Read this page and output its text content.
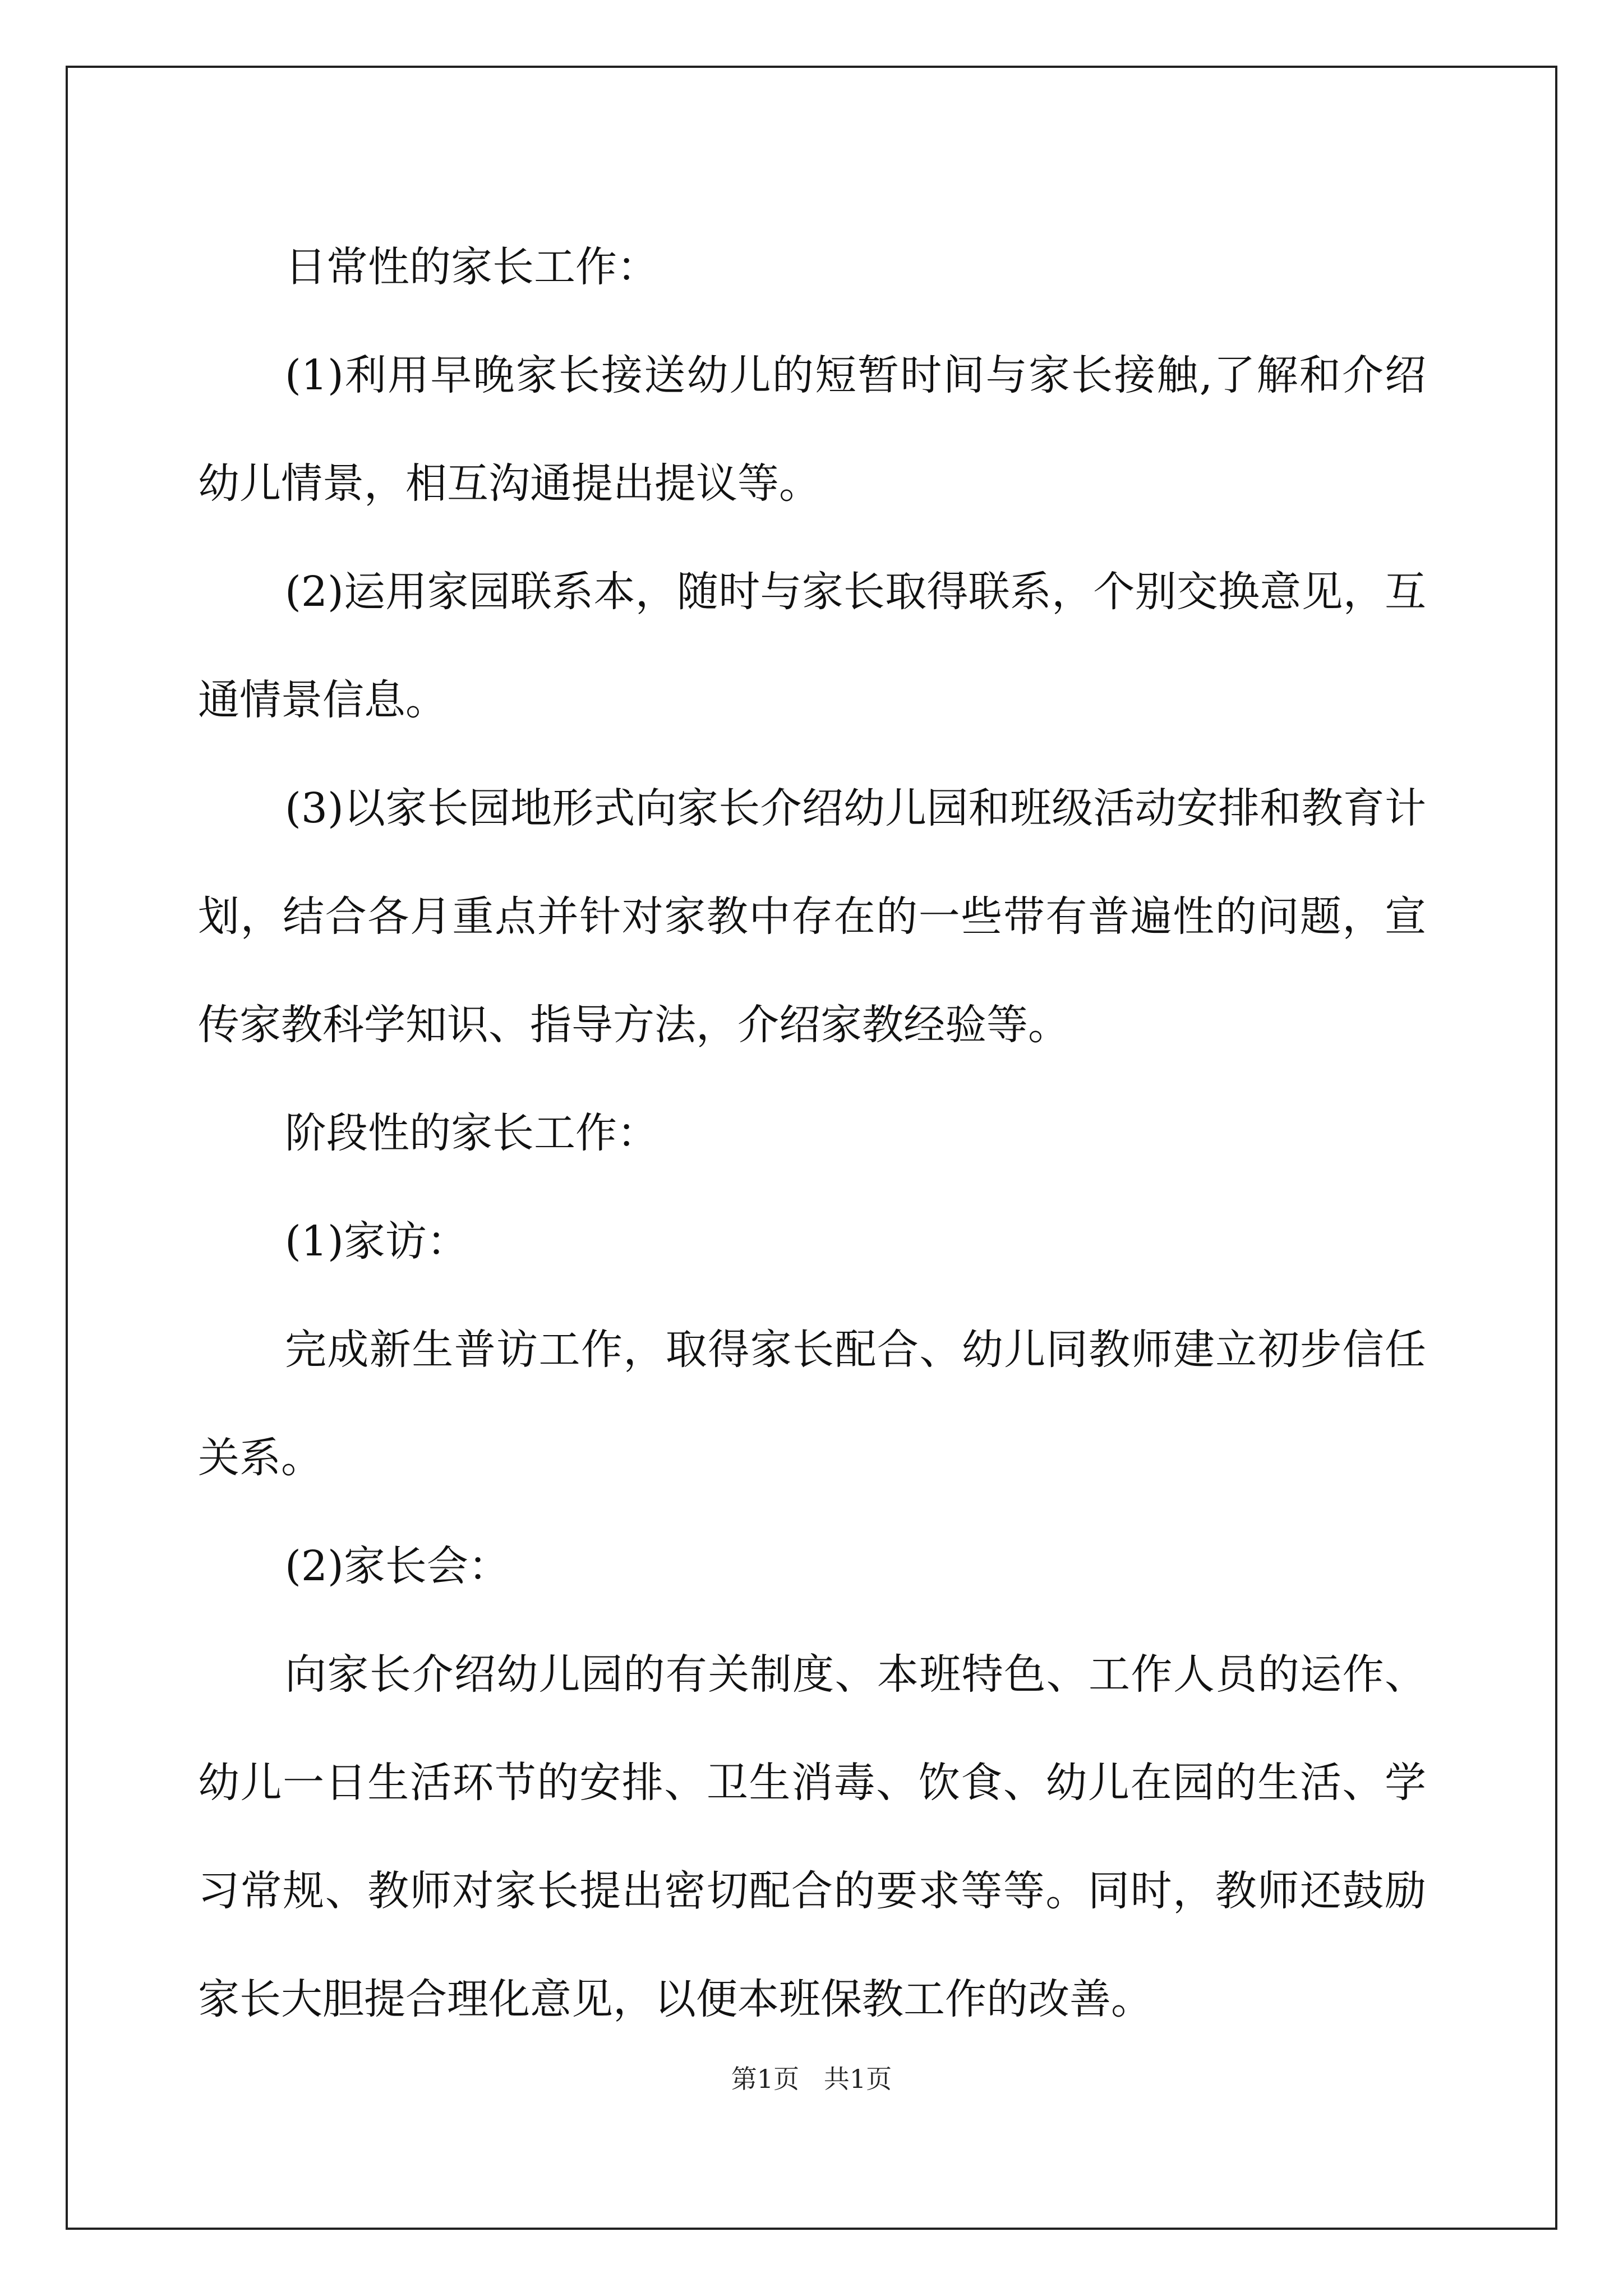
日常性的家长工作：

(1)利用早晚家长接送幼儿的短暂时间与家长接触,了解和介绍幼儿情景，相互沟通提出提议等。

(2)运用家园联系本，随时与家长取得联系，个别交换意见，互通情景信息。

(3)以家长园地形式向家长介绍幼儿园和班级活动安排和教育计划，结合各月重点并针对家教中存在的一些带有普遍性的问题，宣传家教科学知识、指导方法，介绍家教经验等。

阶段性的家长工作：

(1)家访：

完成新生普访工作，取得家长配合、幼儿同教师建立初步信任关系。

(2)家长会：

向家长介绍幼儿园的有关制度、本班特色、工作人员的运作、幼儿一日生活环节的安排、卫生消毒、饮食、幼儿在园的生活、学习常规、教师对家长提出密切配合的要求等等。同时，教师还鼓励家长大胆提合理化意见，以便本班保教工作的改善。

第1页   共1页
